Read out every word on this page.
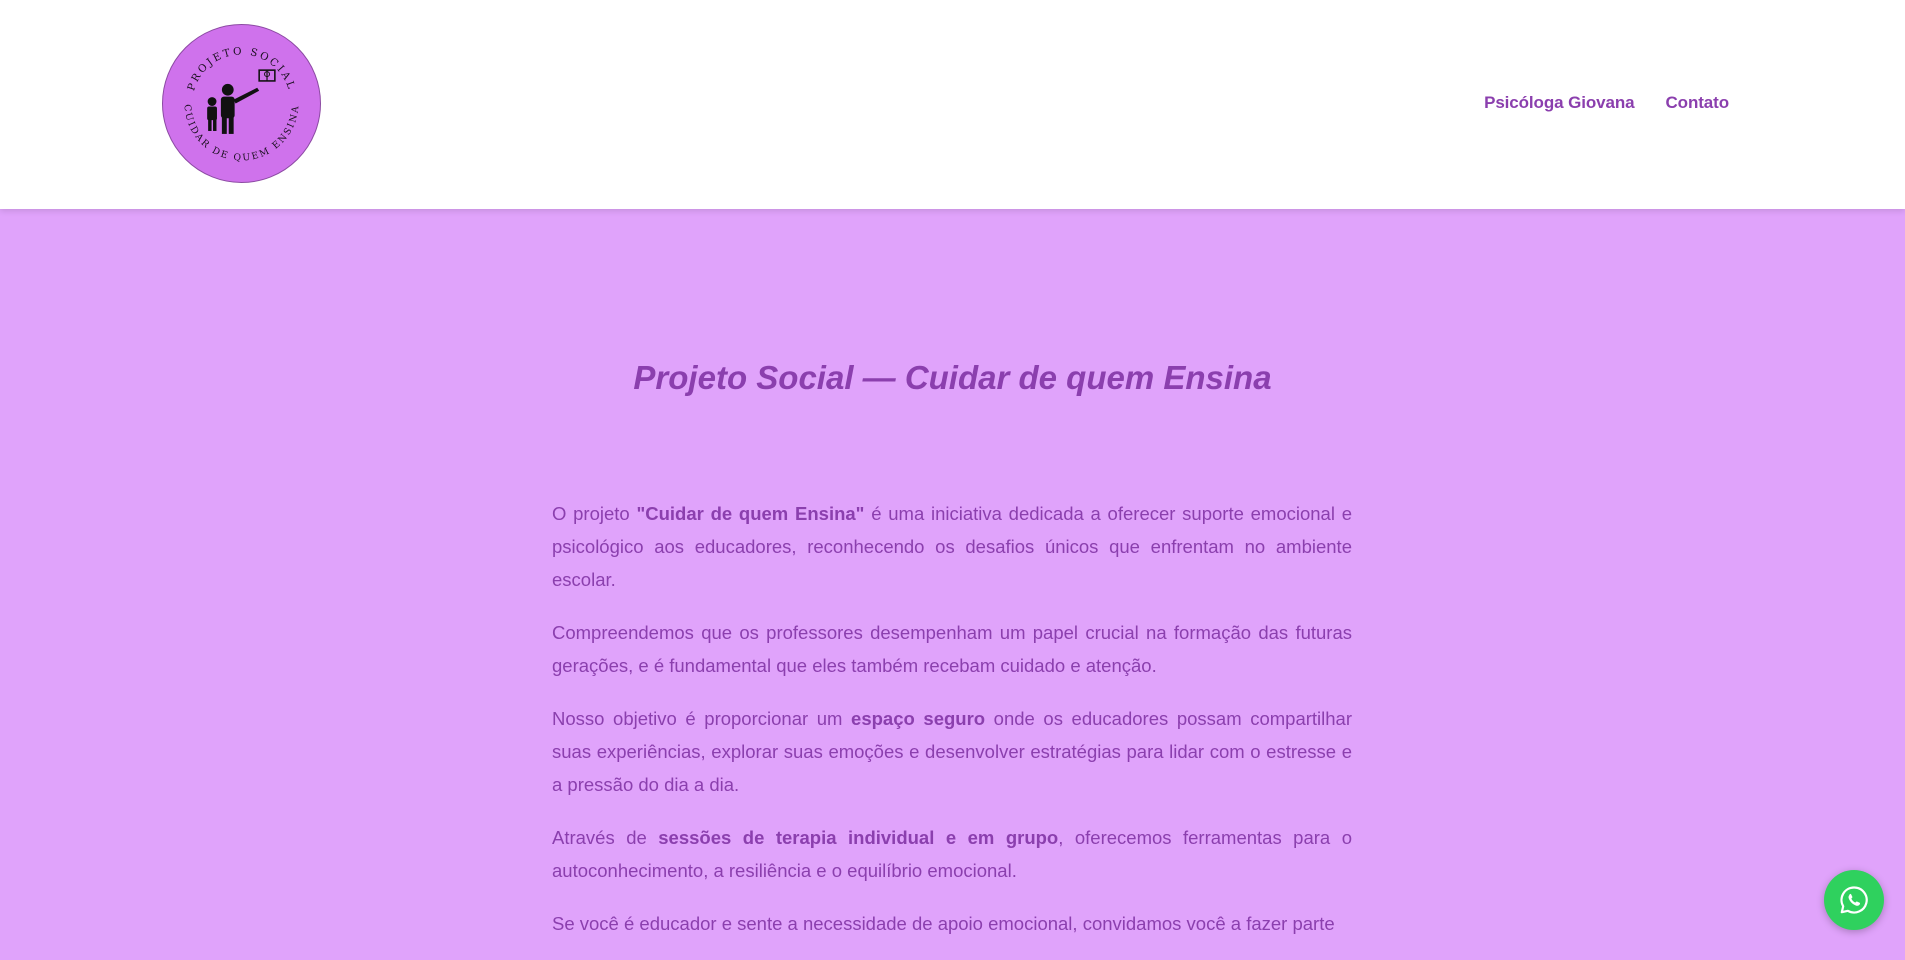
PROJETO SOCIAL
CUIDAR DE QUEM ENSINA	Psicóloga Giovana Contato
Projeto Social — Cuidar de quem Ensina

O projeto "Cuidar de quem Ensina" é uma iniciativa dedicada a oferecer suporte emocional e psicológico aos educadores, reconhecendo os desafios únicos que enfrentam no ambiente escolar.

Compreendemos que os professores desempenham um papel crucial na formação das futuras gerações, e é fundamental que eles também recebam cuidado e atenção.

Nosso objetivo é proporcionar um espaço seguro onde os educadores possam compartilhar suas experiências, explorar suas emoções e desenvolver estratégias para lidar com o estresse e a pressão do dia a dia.

Através de sessões de terapia individual e em grupo, oferecemos ferramentas para o autoconhecimento, a resiliência e o equilíbrio emocional.

Se você é educador e sente a necessidade de apoio emocional, convidamos você a fazer parte
